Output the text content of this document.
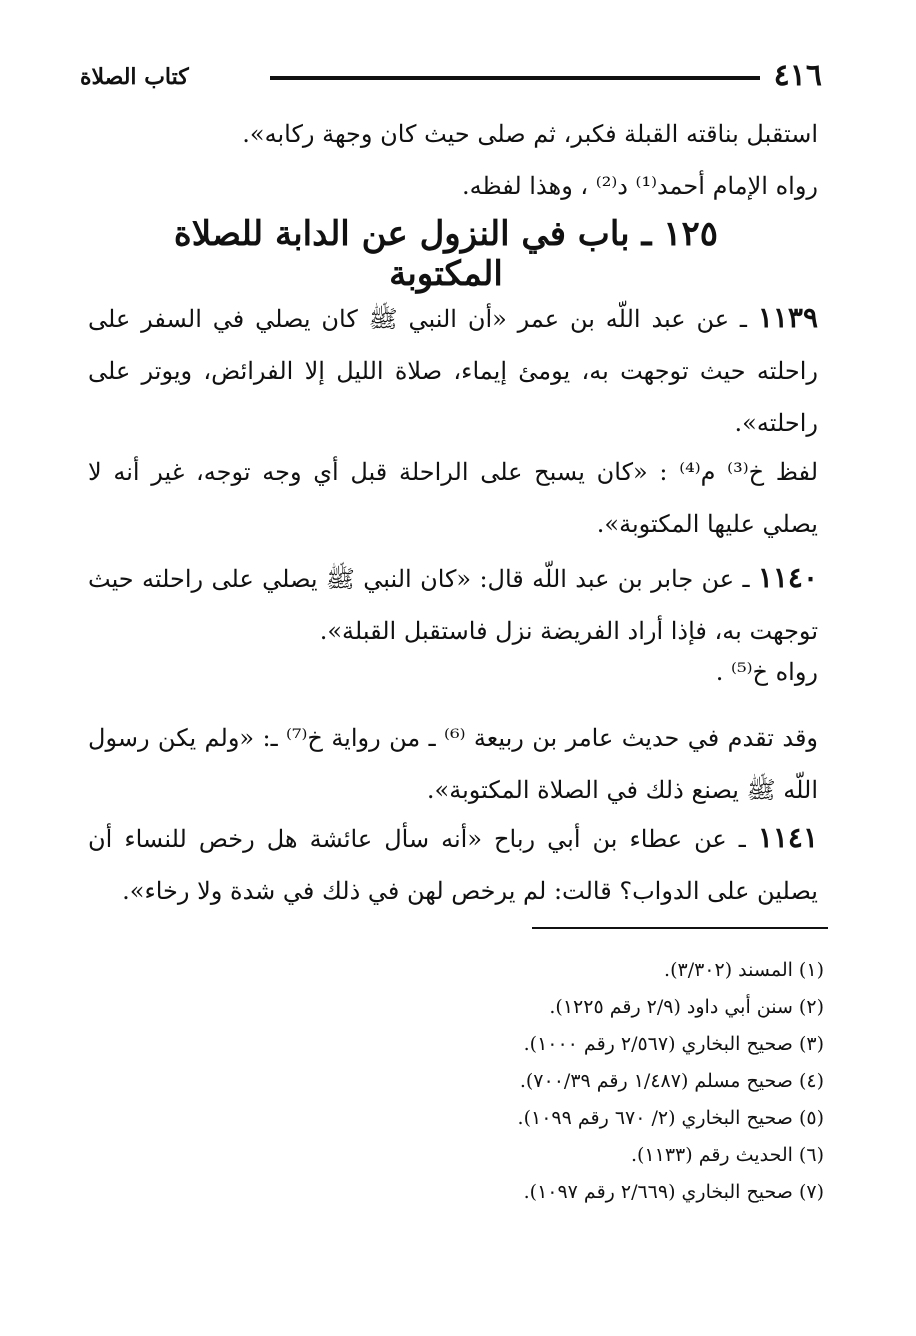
٤١٦
كتاب الصلاة
استقبل بناقته القبلة فكبر، ثم صلى حيث كان وجهة ركابه».
رواه الإمام أحمد⁽¹⁾ د⁽²⁾ ، وهذا لفظه.
١٢٥ ـ باب في النزول عن الدابة للصلاة المكتوبة
١١٣٩ ـ عن عبد اللّه بن عمر «أن النبي ﷺ كان يصلي في السفر على راحلته حيث توجهت به، يومئ إيماء، صلاة الليل إلا الفرائض، ويوتر على راحلته».
لفظ خ⁽³⁾ م⁽⁴⁾ : «كان يسبح على الراحلة قبل أي وجه توجه، غير أنه لا يصلي عليها المكتوبة».
١١٤٠ ـ عن جابر بن عبد اللّه قال: «كان النبي ﷺ يصلي على راحلته حيث توجهت به، فإذا أراد الفريضة نزل فاستقبل القبلة».
رواه خ⁽⁵⁾ .
وقد تقدم في حديث عامر بن ربيعة ⁽⁶⁾ ـ من رواية خ⁽⁷⁾ ـ: «ولم يكن رسول اللّه ﷺ يصنع ذلك في الصلاة المكتوبة».
١١٤١ ـ عن عطاء بن أبي رباح «أنه سأل عائشة هل رخص للنساء أن يصلين على الدواب؟ قالت: لم يرخص لهن في ذلك في شدة ولا رخاء».
(١) المسند (٣/٣٠٢).
(٢) سنن أبي داود (٢/٩ رقم ١٢٢٥).
(٣) صحيح البخاري (٢/٥٦٧ رقم ١٠٠٠).
(٤) صحيح مسلم (١/٤٨٧ رقم ٧٠٠/٣٩).
(٥) صحيح البخاري (٢/ ٦٧٠ رقم ١٠٩٩).
(٦) الحديث رقم (١١٣٣).
(٧) صحيح البخاري (٢/٦٦٩ رقم ١٠٩٧).
